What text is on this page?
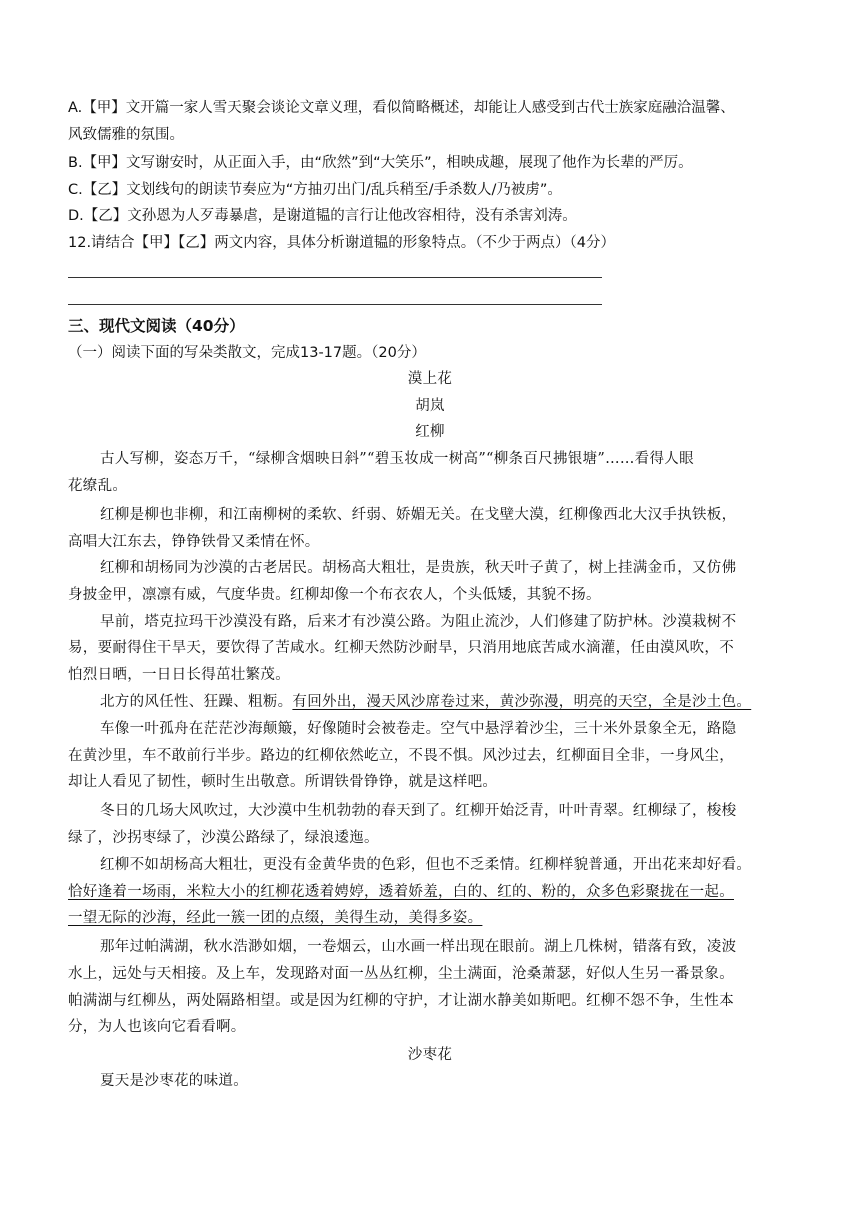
A.【甲】文开篇一家人雪天聚会谈论文章义理，看似简略概述，却能让人感受到古代士族家庭融洽温馨、
风致儒雅的氛围。
B.【甲】文写谢安时，从正面入手，由“欣然”到“大笑乐”，相映成趣，展现了他作为长辈的严厉。
C.【乙】文划线句的朗读节奏应为“方抽刃出门/乱兵稍至/手杀数人/乃被虏”。
D.【乙】文孙恩为人歹毒暴虐，是谢道韫的言行让他改容相待，没有杀害刘涛。
12.请结合【甲】【乙】两文内容，具体分析谢道韫的形象特点。（不少于两点）（4分）
三、现代文阅读（40分）
（一）阅读下面的写朵类散文，完成13-17题。（20分）
漠上花
胡岚
红柳
古人写柳，姿态万千，“绿柳含烟映日斜”“碧玉妆成一树高”“柳条百尺拂银塘”……看得人眼
花缭乱。
红柳是柳也非柳，和江南柳树的柔软、纤弱、娇媚无关。在戈壁大漠，红柳像西北大汉手执铁板，
高唱大江东去，铮铮铁骨又柔情在怀。
红柳和胡杨同为沙漠的古老居民。胡杨高大粗壮，是贵族，秋天叶子黄了，树上挂满金币，又仿佛
身披金甲，凛凛有威，气度华贵。红柳却像一个布衣农人，个头低矮，其貌不扬。
早前，塔克拉玛干沙漠没有路，后来才有沙漠公路。为阻止流沙，人们修建了防护林。沙漠栽树不
易，要耐得住干旱天，要饮得了苦咸水。红柳天然防沙耐旱，只消用地底苦咸水滴灌，任由漠风吹，不
怕烈日晒，一日日长得茁壮繁茂。
北方的风任性、狂躁、粗粝。有回外出，漫天风沙席卷过来，黄沙弥漫，明亮的天空，全是沙土色。
车像一叶孤舟在茫茫沙海颠簸，好像随时会被卷走。空气中悬浮着沙尘，三十米外景象全无，路隐
在黄沙里，车不敢前行半步。路边的红柳依然屹立，不畏不惧。风沙过去，红柳面目全非，一身风尘，
却让人看见了韧性，顿时生出敬意。所谓铁骨铮铮，就是这样吧。
冬日的几场大风吹过，大沙漠中生机勃勃的春天到了。红柳开始泛青，叶叶青翠。红柳绿了，梭梭
绿了，沙拐枣绿了，沙漠公路绿了，绿浪逶迤。
红柳不如胡杨高大粗壮，更没有金黄华贵的色彩，但也不乏柔情。红柳样貌普通，开出花来却好看。
恰好逢着一场雨，米粒大小的红柳花透着娉婷，透着娇羞，白的、红的、粉的，众多色彩聚拢在一起。
一望无际的沙海，经此一簇一团的点缀，美得生动，美得多姿。
那年过帕满湖，秋水浩渺如烟，一卷烟云，山水画一样出现在眼前。湖上几株树，错落有致，凌波
水上，远处与天相接。及上车，发现路对面一丛丛红柳，尘土满面，沧桑萧瑟，好似人生另一番景象。
帕满湖与红柳丛，两处隔路相望。或是因为红柳的守护，才让湖水静美如斯吧。红柳不怨不争，生性本
分，为人也该向它看看啊。
沙枣花
夏天是沙枣花的味道。
